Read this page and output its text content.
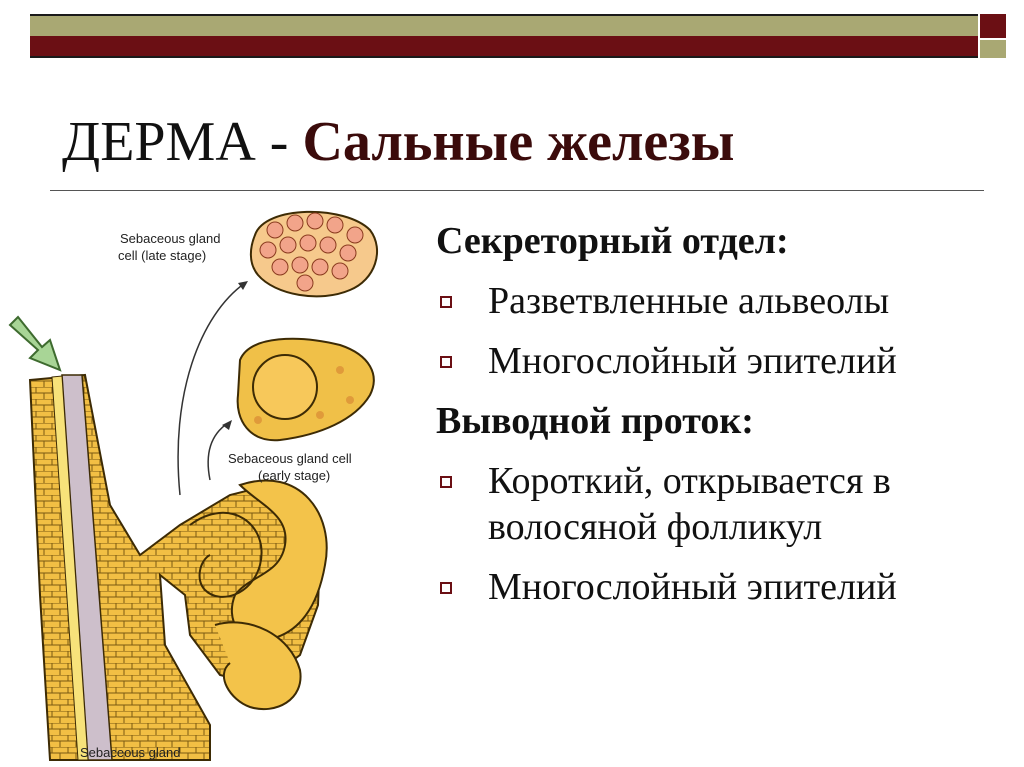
ДЕРМА - Сальные железы
Секреторный отдел:
Разветвленные альвеолы
Многослойный эпителий
Выводной проток:
Короткий, открывается в волосяной фолликул
Многослойный эпителий
Sebaceous gland
cell (late stage)
Sebaceous gland cell
(early stage)
Sebaceous gland
